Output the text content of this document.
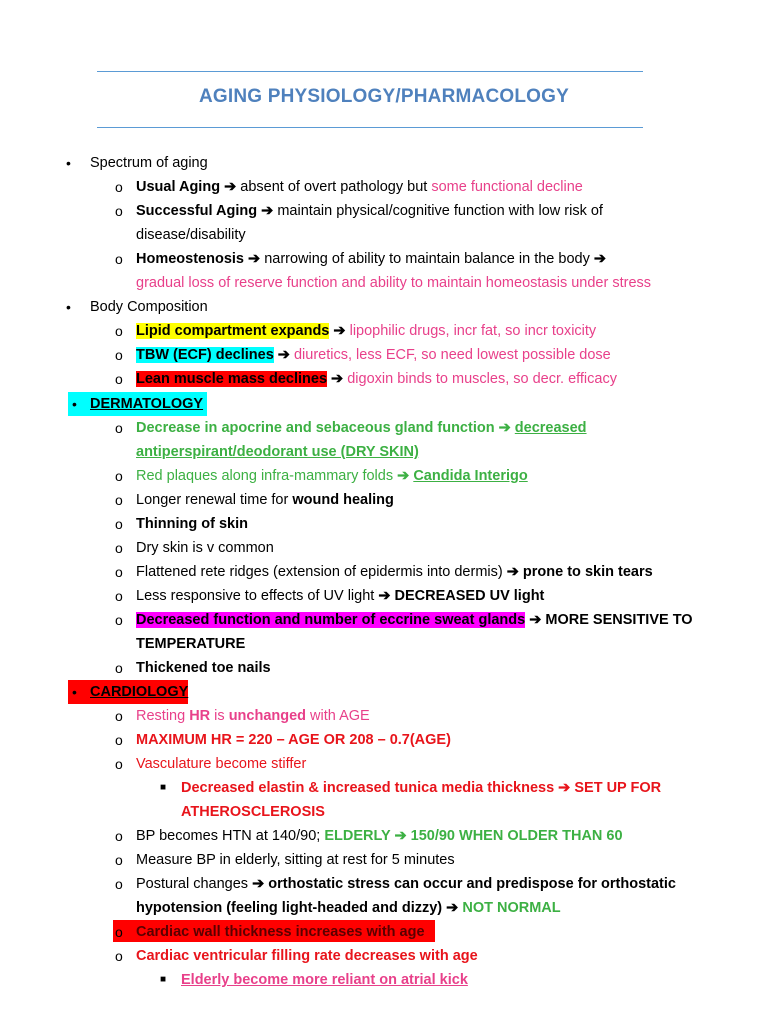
AGING PHYSIOLOGY/PHARMACOLOGY
• Spectrum of aging
o Usual Aging ➔ absent of overt pathology but some functional decline
o Successful Aging ➔ maintain physical/cognitive function with low risk of
disease/disability
o Homeostenosis ➔ narrowing of ability to maintain balance in the body ➔
gradual loss of reserve function and ability to maintain homeostasis under stress
• Body Composition
o Lipid compartment expands ➔ lipophilic drugs, incr fat, so incr toxicity
o TBW (ECF) declines ➔ diuretics, less ECF, so need lowest possible dose
o Lean muscle mass declines ➔ digoxin binds to muscles, so decr. efficacy
• DERMATOLOGY
o Decrease in apocrine and sebaceous gland function ➔ decreased
antiperspirant/deodorant use (DRY SKIN)
o Red plaques along infra-mammary folds ➔ Candida Interigo
o Longer renewal time for wound healing
o Thinning of skin
o Dry skin is v common
o Flattened rete ridges (extension of epidermis into dermis) ➔ prone to skin tears
o Less responsive to effects of UV light ➔ DECREASED UV light
o Decreased function and number of eccrine sweat glands ➔ MORE SENSITIVE TO
TEMPERATURE
o Thickened toe nails
• CARDIOLOGY
o Resting HR is unchanged with AGE
o MAXIMUM HR = 220 – AGE OR 208 – 0.7(AGE)
o Vasculature become stiffer
■ Decreased elastin & increased tunica media thickness ➔ SET UP FOR
ATHEROSCLEROSIS
o BP becomes HTN at 140/90; ELDERLY ➔ 150/90 WHEN OLDER THAN 60
o Measure BP in elderly, sitting at rest for 5 minutes
o Postural changes ➔ orthostatic stress can occur and predispose for orthostatic
hypotension (feeling light-headed and dizzy) ➔ NOT NORMAL
o Cardiac wall thickness increases with age
o Cardiac ventricular filling rate decreases with age
■ Elderly become more reliant on atrial kick
